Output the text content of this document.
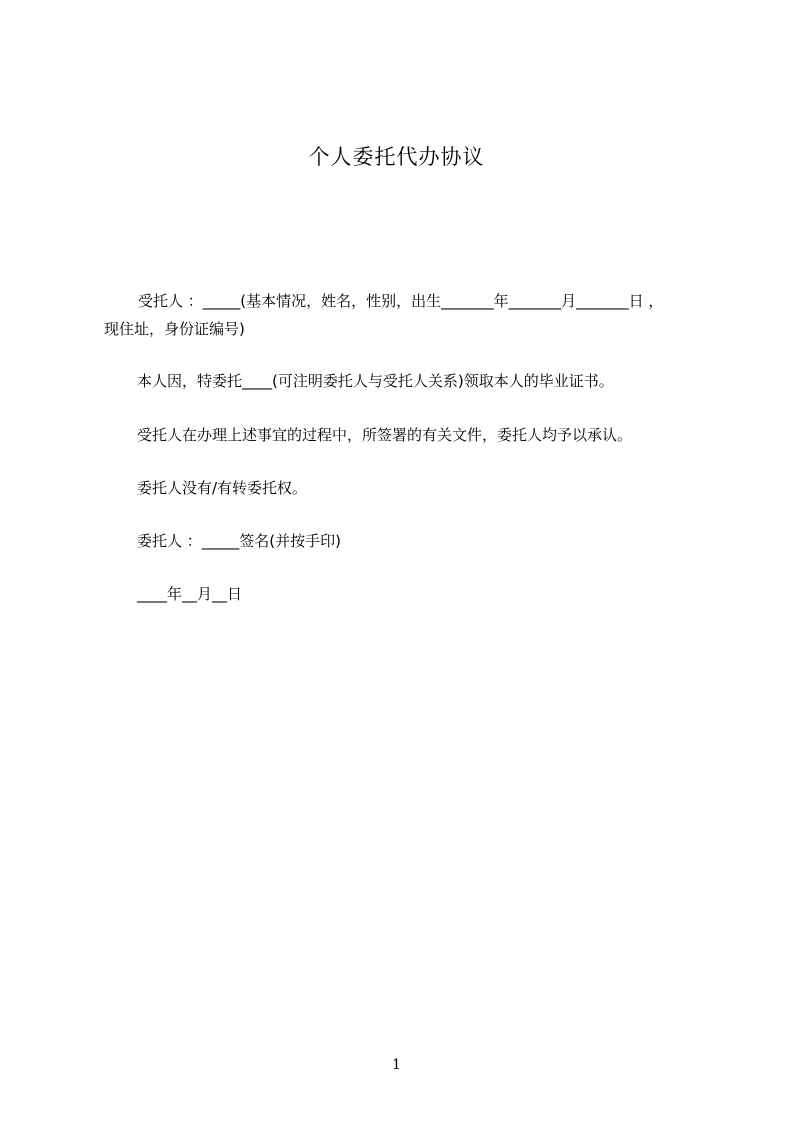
个人委托代办协议
受托人 ：_____(基本情况，姓名，性别，出生_______年_______月_______日 ，
现住址，身份证编号)
本人因，特委托____(可注明委托人与受托人关系)领取本人的毕业证书。
受托人在办理上述事宜的过程中，所签署的有关文件，委托人均予以承认。
委托人没有/有转委托权。
委托人 ：_____签名(并按手印)
____年__月__日
1
